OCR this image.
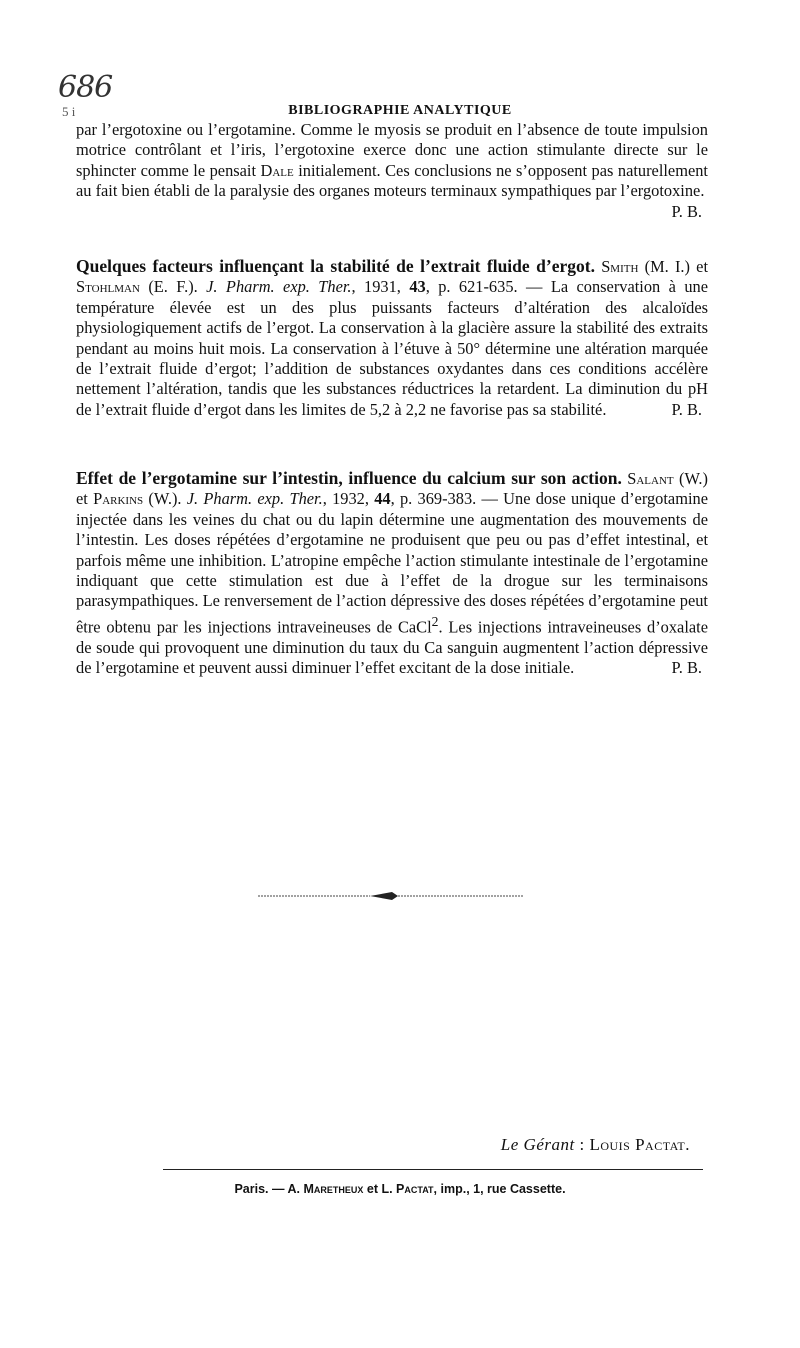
686
5 i	BIBLIOGRAPHIE ANALYTIQUE
par l’ergotoxine ou l’ergotamine. Comme le myosis se produit en l’absence de toute impulsion motrice contrôlant et l’iris, l’ergotoxine exerce donc une action stimulante directe sur le sphincter comme le pensait Dale initialement. Ces conclusions ne s’opposent pas naturellement au fait bien établi de la paralysie des organes moteurs terminaux sympathiques par l’ergotoxine.
P. B.
Quelques facteurs influençant la stabilité de l’extrait fluide d’ergot. Smith (M. I.) et Stohlman (E. F.). J. Pharm. exp. Ther., 1931, 43, p. 621-635. — La conservation à une température élevée est un des plus puissants facteurs d’altération des alcaloïdes physiologiquement actifs de l’ergot. La conservation à la glacière assure la stabilité des extraits pendant au moins huit mois. La conservation à l’étuve à 50° détermine une altération marquée de l’extrait fluide d’ergot; l’addition de substances oxydantes dans ces conditions accélère nettement l’altération, tandis que les substances réductrices la retardent. La diminution du pH de l’extrait fluide d’ergot dans les limites de 5,2 à 2,2 ne favorise pas sa stabilité.	P. B.
Effet de l’ergotamine sur l’intestin, influence du calcium sur son action. Salant (W.) et Parkins (W.). J. Pharm. exp. Ther., 1932, 44, p. 369-383. — Une dose unique d’ergotamine injectée dans les veines du chat ou du lapin détermine une augmentation des mouvements de l’intestin. Les doses répétées d’ergotamine ne produisent que peu ou pas d’effet intestinal, et parfois même une inhibition. L’atropine empêche l’action stimulante intestinale de l’ergotamine indiquant que cette stimulation est due à l’effet de la drogue sur les terminaisons parasympathiques. Le renversement de l’action dépressive des doses répétées d’ergotamine peut être obtenu par les injections intraveineuses de CaCl$^2$. Les injections intraveineuses d’oxalate de soude qui provoquent une diminution du taux du Ca sanguin augmentent l’action dépressive de l’ergotamine et peuvent aussi diminuer l’effet excitant de la dose initiale.	P. B.
Le Gérant : Louis Pactat.
Paris. — A. Maretheux et L. Pactat, imp., 1, rue Cassette.
